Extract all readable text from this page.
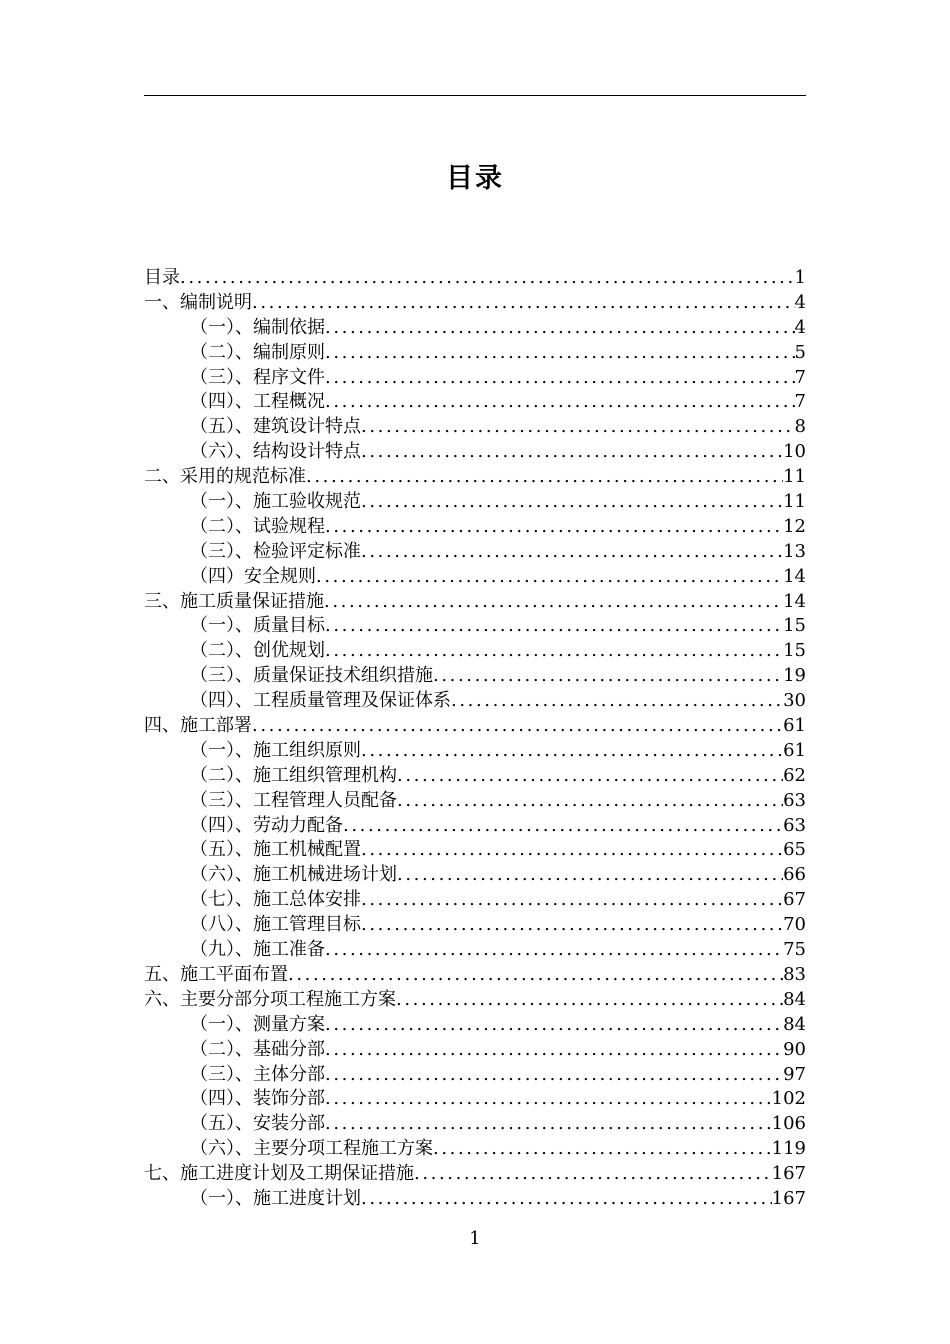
目录
目录 .....	1
一、编制说明 .....	4
（一）、编制依据 .....	4
（二）、编制原则 .....	5
（三）、程序文件 .....	7
（四）、工程概况 .....	7
（五）、建筑设计特点 .....	8
（六）、结构设计特点 .....	10
二、采用的规范标准 .....	11
（一）、施工验收规范 .....	11
（二）、试验规程 .....	12
（三）、检验评定标准 .....	13
（四）安全规则 .....	14
三、施工质量保证措施 .....	14
（一）、质量目标 .....	15
（二）、创优规划 .....	15
（三）、质量保证技术组织措施 .....	19
（四）、工程质量管理及保证体系 .....	30
四、施工部署 .....	61
（一）、施工组织原则 .....	61
（二）、施工组织管理机构 .....	62
（三）、工程管理人员配备 .....	63
（四）、劳动力配备 .....	63
（五）、施工机械配置 .....	65
（六）、施工机械进场计划 .....	66
（七）、施工总体安排 .....	67
（八）、施工管理目标 .....	70
（九）、施工准备 .....	75
五、施工平面布置 .....	83
六、主要分部分项工程施工方案 .....	84
（一）、测量方案 .....	84
（二）、基础分部 .....	90
（三）、主体分部 .....	97
（四）、装饰分部 .....	102
（五）、安装分部 .....	106
（六）、主要分项工程施工方案 .....	119
七、施工进度计划及工期保证措施 .....	167
（一）、施工进度计划 .....	167
1
